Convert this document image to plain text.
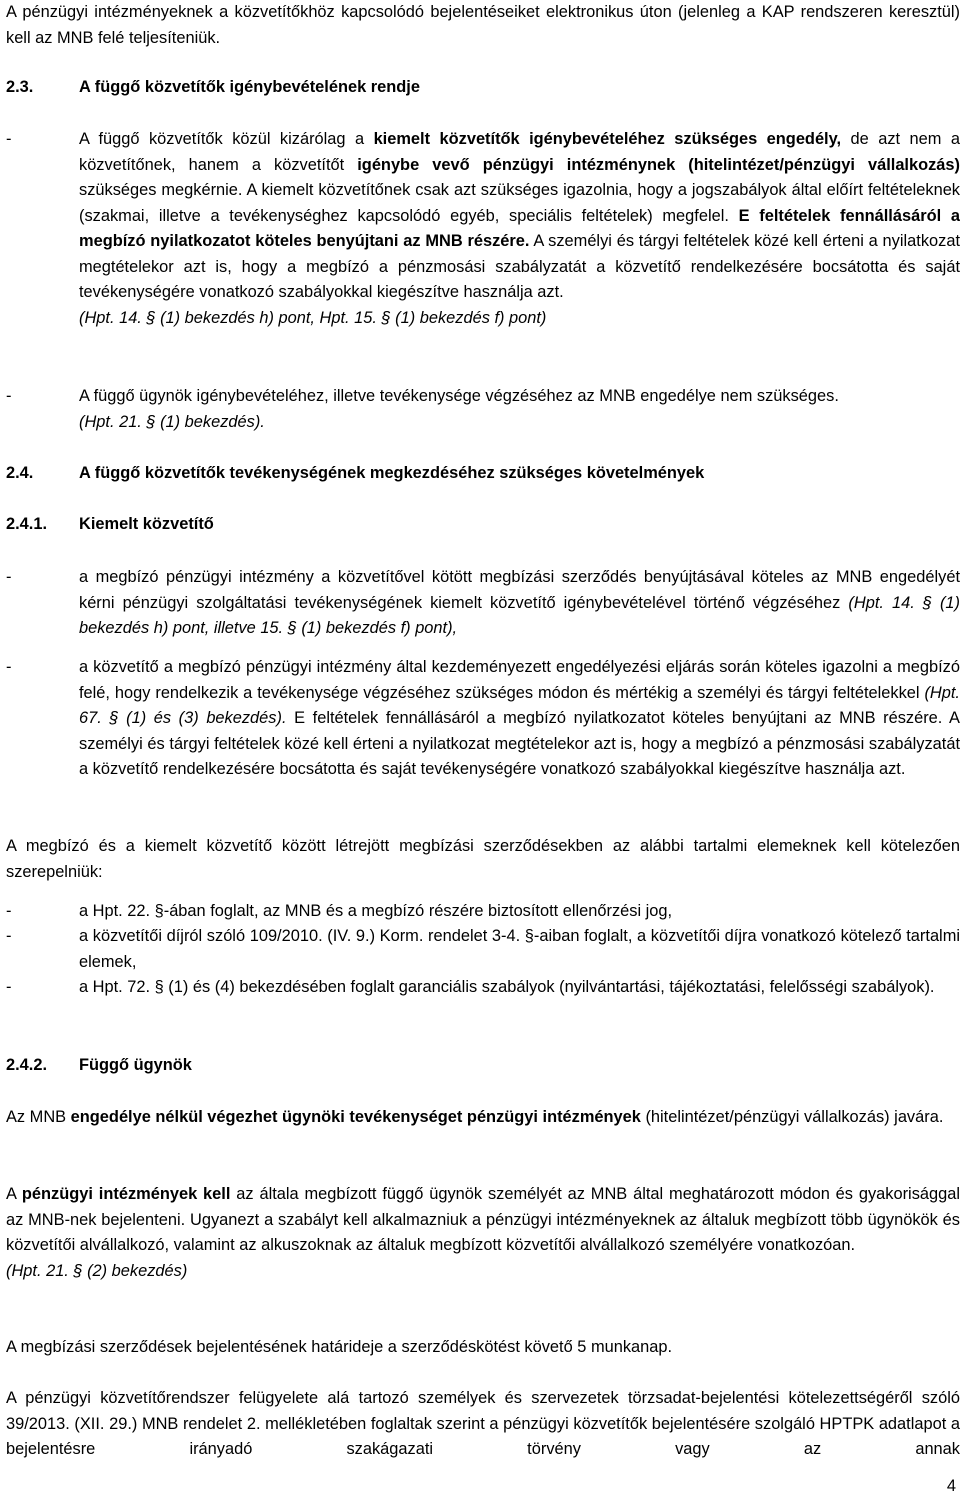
A pénzügyi intézményeknek a közvetítőkhöz kapcsolódó bejelentéseiket elektronikus úton (jelenleg a KAP rendszeren keresztül) kell az MNB felé teljesíteniük.
2.3.	A függő közvetítők igénybevételének rendje
-	A függő közvetítők közül kizárólag a kiemelt közvetítők igénybevételéhez szükséges engedély, de azt nem a közvetítőnek, hanem a közvetítőt igénybe vevő pénzügyi intézménynek (hitelintézet/pénzügyi vállalkozás) szükséges megkérnie. A kiemelt közvetítőnek csak azt szükséges igazolnia, hogy a jogszabályok által előírt feltételeknek (szakmai, illetve a tevékenységhez kapcsolódó egyéb, speciális feltételek) megfelel. E feltételek fennállásáról a megbízó nyilatkozatot köteles benyújtani az MNB részére. A személyi és tárgyi feltételek közé kell érteni a nyilatkozat megtételekor azt is, hogy a megbízó a pénzmosási szabályzatát a közvetítő rendelkezésére bocsátotta és saját tevékenységére vonatkozó szabályokkal kiegészítve használja azt.
(Hpt. 14. § (1) bekezdés h) pont, Hpt. 15. § (1) bekezdés f) pont)
-	A függő ügynök igénybevételéhez, illetve tevékenysége végzéséhez az MNB engedélye nem szükséges.
(Hpt. 21. § (1) bekezdés).
2.4.	A függő közvetítők tevékenységének megkezdéséhez szükséges követelmények
2.4.1. Kiemelt közvetítő
-	a megbízó pénzügyi intézmény a közvetítővel kötött megbízási szerződés benyújtásával köteles az MNB engedélyét kérni pénzügyi szolgáltatási tevékenységének kiemelt közvetítő igénybevételével történő végzéséhez (Hpt. 14. § (1) bekezdés h) pont, illetve 15. § (1) bekezdés f) pont),
-	a közvetítő a megbízó pénzügyi intézmény által kezdeményezett engedélyezési eljárás során köteles igazolni a megbízó felé, hogy rendelkezik a tevékenysége végzéséhez szükséges módon és mértékig a személyi és tárgyi feltételekkel (Hpt. 67. § (1) és (3) bekezdés). E feltételek fennállásáról a megbízó nyilatkozatot köteles benyújtani az MNB részére. A személyi és tárgyi feltételek közé kell érteni a nyilatkozat megtételekor azt is, hogy a megbízó a pénzmosási szabályzatát a közvetítő rendelkezésére bocsátotta és saját tevékenységére vonatkozó szabályokkal kiegészítve használja azt.
A megbízó és a kiemelt közvetítő között létrejött megbízási szerződésekben az alábbi tartalmi elemeknek kell kötelezően szerepelniük:
-	a Hpt. 22. §-ában foglalt, az MNB és a megbízó részére biztosított ellenőrzési jog,
-	a közvetítői díjról szóló 109/2010. (IV. 9.) Korm. rendelet 3-4. §-aiban foglalt, a közvetítői díjra vonatkozó kötelező tartalmi elemek,
-	a Hpt. 72. § (1) és (4) bekezdésében foglalt garanciális szabályok (nyilvántartási, tájékoztatási, felelősségi szabályok).
2.4.2. Függő ügynök
Az MNB engedélye nélkül végezhet ügynöki tevékenységet pénzügyi intézmények (hitelintézet/pénzügyi vállalkozás) javára.
A pénzügyi intézmények kell az általa megbízott függő ügynök személyét az MNB által meghatározott módon és gyakorisággal az MNB-nek bejelenteni. Ugyanezt a szabályt kell alkalmazniuk a pénzügyi intézményeknek az általuk megbízott több ügynökök és közvetítői alvállalkozó, valamint az alkuszoknak az általuk megbízott közvetítői alvállalkozó személyére vonatkozóan.
(Hpt. 21. § (2) bekezdés)
A megbízási szerződések bejelentésének határideje a szerződéskötést követő 5 munkanap.
A pénzügyi közvetítőrendszer felügyelete alá tartozó személyek és szervezetek törzsadat-bejelentési kötelezettségéről szóló 39/2013. (XII. 29.) MNB rendelet 2. mellékletében foglaltak szerint a pénzügyi közvetítők bejelentésére szolgáló HPTPK adatlapot a bejelentésre irányadó szakágazati törvény vagy az annak
4
